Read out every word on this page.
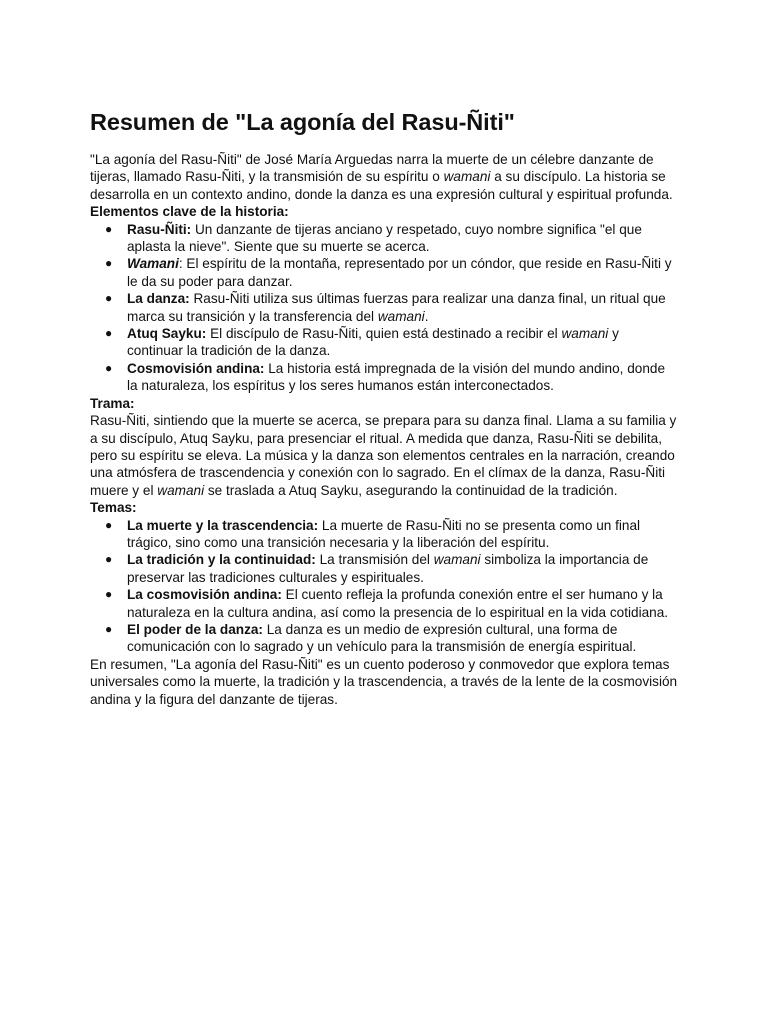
Resumen de "La agonía del Rasu-Ñiti"

"La agonía del Rasu-Ñiti" de José María Arguedas narra la muerte de un célebre danzante de tijeras, llamado Rasu-Ñiti, y la transmisión de su espíritu o wamani a su discípulo. La historia se desarrolla en un contexto andino, donde la danza es una expresión cultural y espiritual profunda.

Elementos clave de la historia:

● Rasu-Ñiti: Un danzante de tijeras anciano y respetado, cuyo nombre significa "el que aplasta la nieve". Siente que su muerte se acerca.
● Wamani: El espíritu de la montaña, representado por un cóndor, que reside en Rasu-Ñiti y le da su poder para danzar.
● La danza: Rasu-Ñiti utiliza sus últimas fuerzas para realizar una danza final, un ritual que marca su transición y la transferencia del wamani.
● Atuq Sayku: El discípulo de Rasu-Ñiti, quien está destinado a recibir el wamani y continuar la tradición de la danza.
● Cosmovisión andina: La historia está impregnada de la visión del mundo andino, donde la naturaleza, los espíritus y los seres humanos están interconectados.

Trama:

Rasu-Ñiti, sintiendo que la muerte se acerca, se prepara para su danza final. Llama a su familia y a su discípulo, Atuq Sayku, para presenciar el ritual. A medida que danza, Rasu-Ñiti se debilita, pero su espíritu se eleva. La música y la danza son elementos centrales en la narración, creando una atmósfera de trascendencia y conexión con lo sagrado. En el clímax de la danza, Rasu-Ñiti muere y el wamani se traslada a Atuq Sayku, asegurando la continuidad de la tradición.

Temas:

● La muerte y la trascendencia: La muerte de Rasu-Ñiti no se presenta como un final trágico, sino como una transición necesaria y la liberación del espíritu.
● La tradición y la continuidad: La transmisión del wamani simboliza la importancia de preservar las tradiciones culturales y espirituales.
● La cosmovisión andina: El cuento refleja la profunda conexión entre el ser humano y la naturaleza en la cultura andina, así como la presencia de lo espiritual en la vida cotidiana.
● El poder de la danza: La danza es un medio de expresión cultural, una forma de comunicación con lo sagrado y un vehículo para la transmisión de energía espiritual.

En resumen, "La agonía del Rasu-Ñiti" es un cuento poderoso y conmovedor que explora temas universales como la muerte, la tradición y la trascendencia, a través de la lente de la cosmovisión andina y la figura del danzante de tijeras.
